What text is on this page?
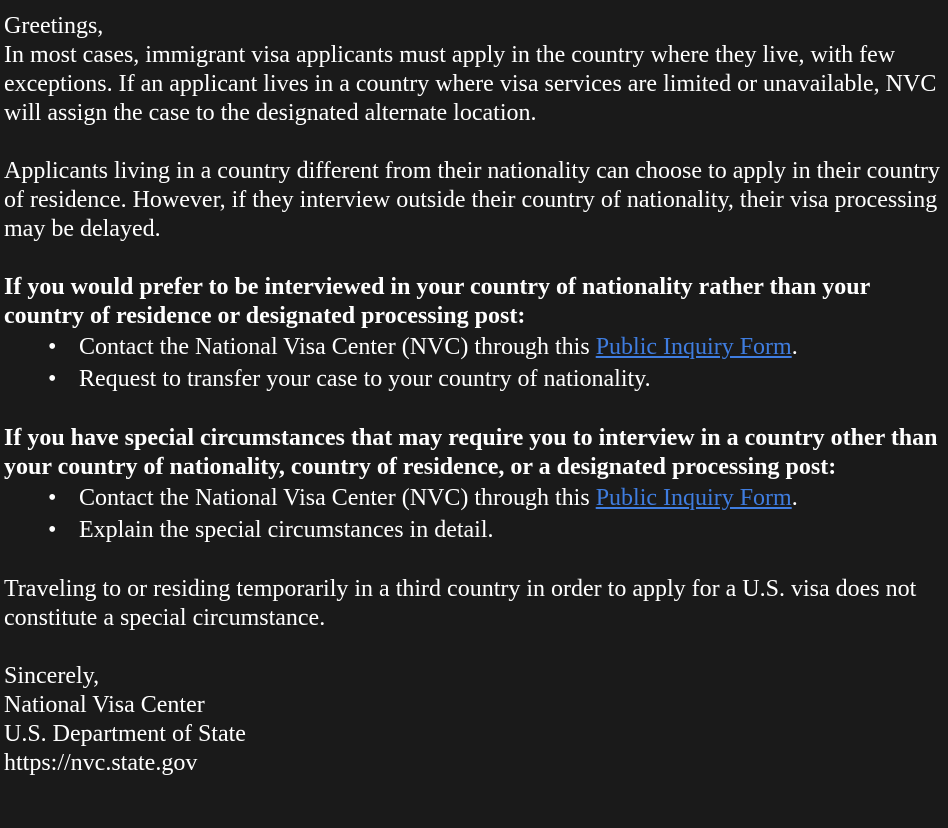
Greetings,
In most cases, immigrant visa applicants must apply in the country where they live, with few
exceptions. If an applicant lives in a country where visa services are limited or unavailable, NVC
will assign the case to the designated alternate location.
Applicants living in a country different from their nationality can choose to apply in their country
of residence. However, if they interview outside their country of nationality, their visa processing
may be delayed.
If you would prefer to be interviewed in your country of nationality rather than your
country of residence or designated processing post:
• Contact the National Visa Center (NVC) through this Public Inquiry Form.
• Request to transfer your case to your country of nationality.
If you have special circumstances that may require you to interview in a country other than
your country of nationality, country of residence, or a designated processing post:
• Contact the National Visa Center (NVC) through this Public Inquiry Form.
• Explain the special circumstances in detail.
Traveling to or residing temporarily in a third country in order to apply for a U.S. visa does not
constitute a special circumstance.
Sincerely,
National Visa Center
U.S. Department of State
https://nvc.state.gov
